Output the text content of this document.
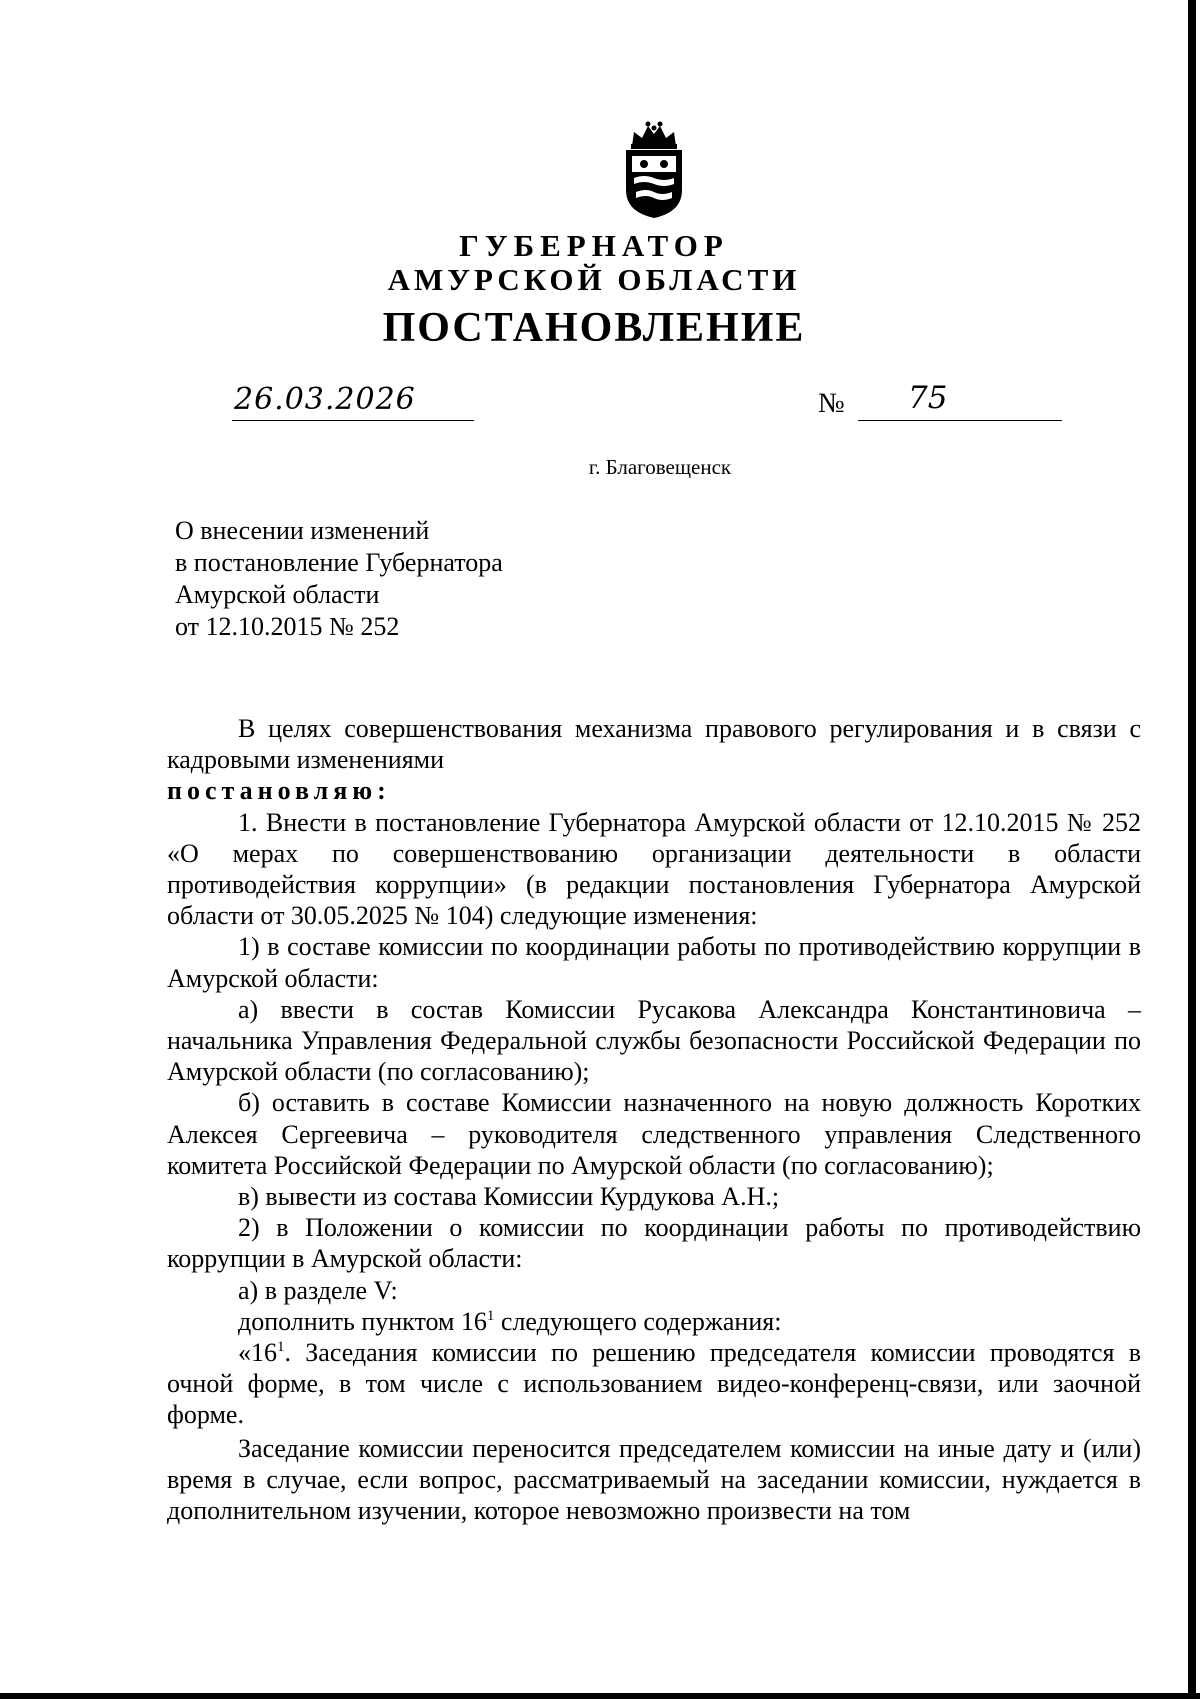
ГУБЕРНАТОР
АМУРСКОЙ ОБЛАСТИ
ПОСТАНОВЛЕНИЕ
26.03.2026	№ 75
г. Благовещенск
О внесении изменений
в постановление Губернатора
Амурской области
от 12.10.2015 № 252

В целях совершенствования механизма правового регулирования и в связи с кадровыми изменениями

постановляю:

1. Внести в постановление Губернатора Амурской области от 12.10.2015 № 252 «О мерах по совершенствованию организации деятельности в области противодействия коррупции» (в редакции постановления Губернатора Амурской области от 30.05.2025 № 104) следующие изменения:

1) в составе комиссии по координации работы по противодействию коррупции в Амурской области:

а) ввести в состав Комиссии Русакова Александра Константиновича – начальника Управления Федеральной службы безопасности Российской Федерации по Амурской области (по согласованию);

б) оставить в составе Комиссии назначенного на новую должность Коротких Алексея Сергеевича – руководителя следственного управления Следственного комитета Российской Федерации по Амурской области (по согласованию);

в) вывести из состава Комиссии Курдукова А.Н.;

2) в Положении о комиссии по координации работы по противодействию коррупции в Амурской области:

а) в разделе V:

дополнить пунктом $16^1$ следующего содержания:

«$16^1$. Заседания комиссии по решению председателя комиссии проводятся в очной форме, в том числе с использованием видео-конференц-связи, или заочной форме.

Заседание комиссии переносится председателем комиссии на иные дату и (или) время в случае, если вопрос, рассматриваемый на заседании комиссии, нуждается в дополнительном изучении, которое невозможно произвести на том
